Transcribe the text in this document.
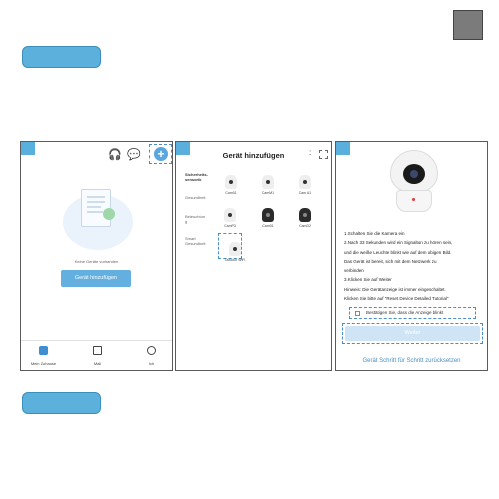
🎧 💬 +
Keine Geräte vorhanden
Gerät hinzufügen
Mein Zuhause	Mall	Ich
Gerät hinzufügen	:
Sicherheits-
sensorik
Gesundheit
Beleuchtun
g
Smart
Gesundheit
Cam01	CamM1	Cam A1
CamP3	Cam01	CamD2
Outdoor WiFi
1.Schalten Sie die Kamera ein
2.Nach 33 Sekunden wird ein Signalton zu hören sein,
und die weiße Leuchte blinkt wie auf dem obigen Bild.
Das Gerät ist bereit, sich mit dem Netzwerk zu
verbinden
3.Klicken Sie auf Weiter
Hinweis: Die Gerätanzeige ist immer eingeschaltet.
Klicken Sie bitte auf "Reset Device Detailed Tutorial"
Bestätigen Sie, dass die Anzeige blinkt
Weiter
Gerät Schritt für Schritt zurücksetzen
